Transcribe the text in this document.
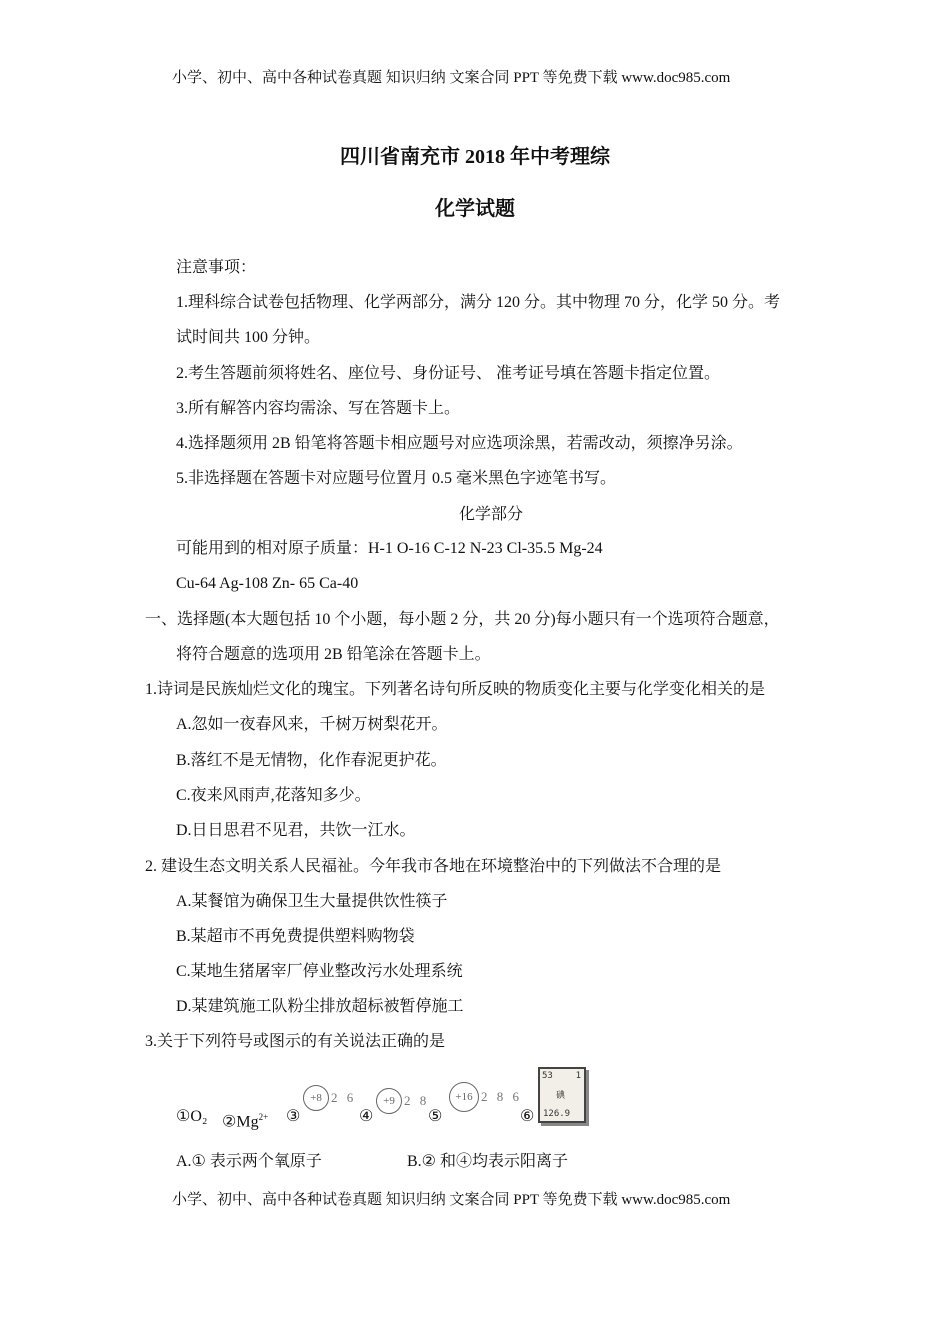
小学、初中、高中各种试卷真题 知识归纳 文案合同 PPT 等免费下载 www.doc985.com
四川省南充市 2018 年中考理综
化学试题
注意事项：
1.理科综合试卷包括物理、化学两部分，满分 120 分。其中物理 70 分，化学 50 分。考
试时间共 100 分钟。
2.考生答题前须将姓名、座位号、身份证号、 准考证号填在答题卡指定位置。
3.所有解答内容均需涂、写在答题卡上。
4.选择题须用 2B 铅笔将答题卡相应题号对应选项涂黑，若需改动，须擦净另涂。
5.非选择题在答题卡对应题号位置月 0.5 毫米黑色字迹笔书写。
化学部分
可能用到的相对原子质量：H-1 O-16 C-12 N-23 Cl-35.5 Mg-24
Cu-64 Ag-108 Zn- 65 Ca-40
一、选择题(本大题包括 10 个小题，每小题 2 分，共 20 分)每小题只有一个选项符合题意，
将符合题意的选项用 2B 铅笔涂在答题卡上。
1.诗词是民族灿烂文化的瑰宝。下列著名诗句所反映的物质变化主要与化学变化相关的是
A.忽如一夜春风来，千树万树梨花开。
B.落红不是无情物，化作春泥更护花。
C.夜来风雨声,花落知多少。
D.日日思君不见君，共饮一江水。
2. 建设生态文明关系人民福祉。今年我市各地在环境整治中的下列做法不合理的是
A.某餐馆为确保卫生大量提供饮性筷子
B.某超市不再免费提供塑料购物袋
C.某地生猪屠宰厂停业整改污水处理系统
D.某建筑施工队粉尘排放超标被暂停施工
3.关于下列符号或图示的有关说法正确的是
①O₂ $②Mg^{2+}$ ③
+8 2 6
④
+9 2 8
⑤
+16 2 8 6
⑥
53	1
碘
126.9
A.① 表示两个氧原子	B.② 和④均表示阳离子
小学、初中、高中各种试卷真题 知识归纳 文案合同 PPT 等免费下载 www.doc985.com
